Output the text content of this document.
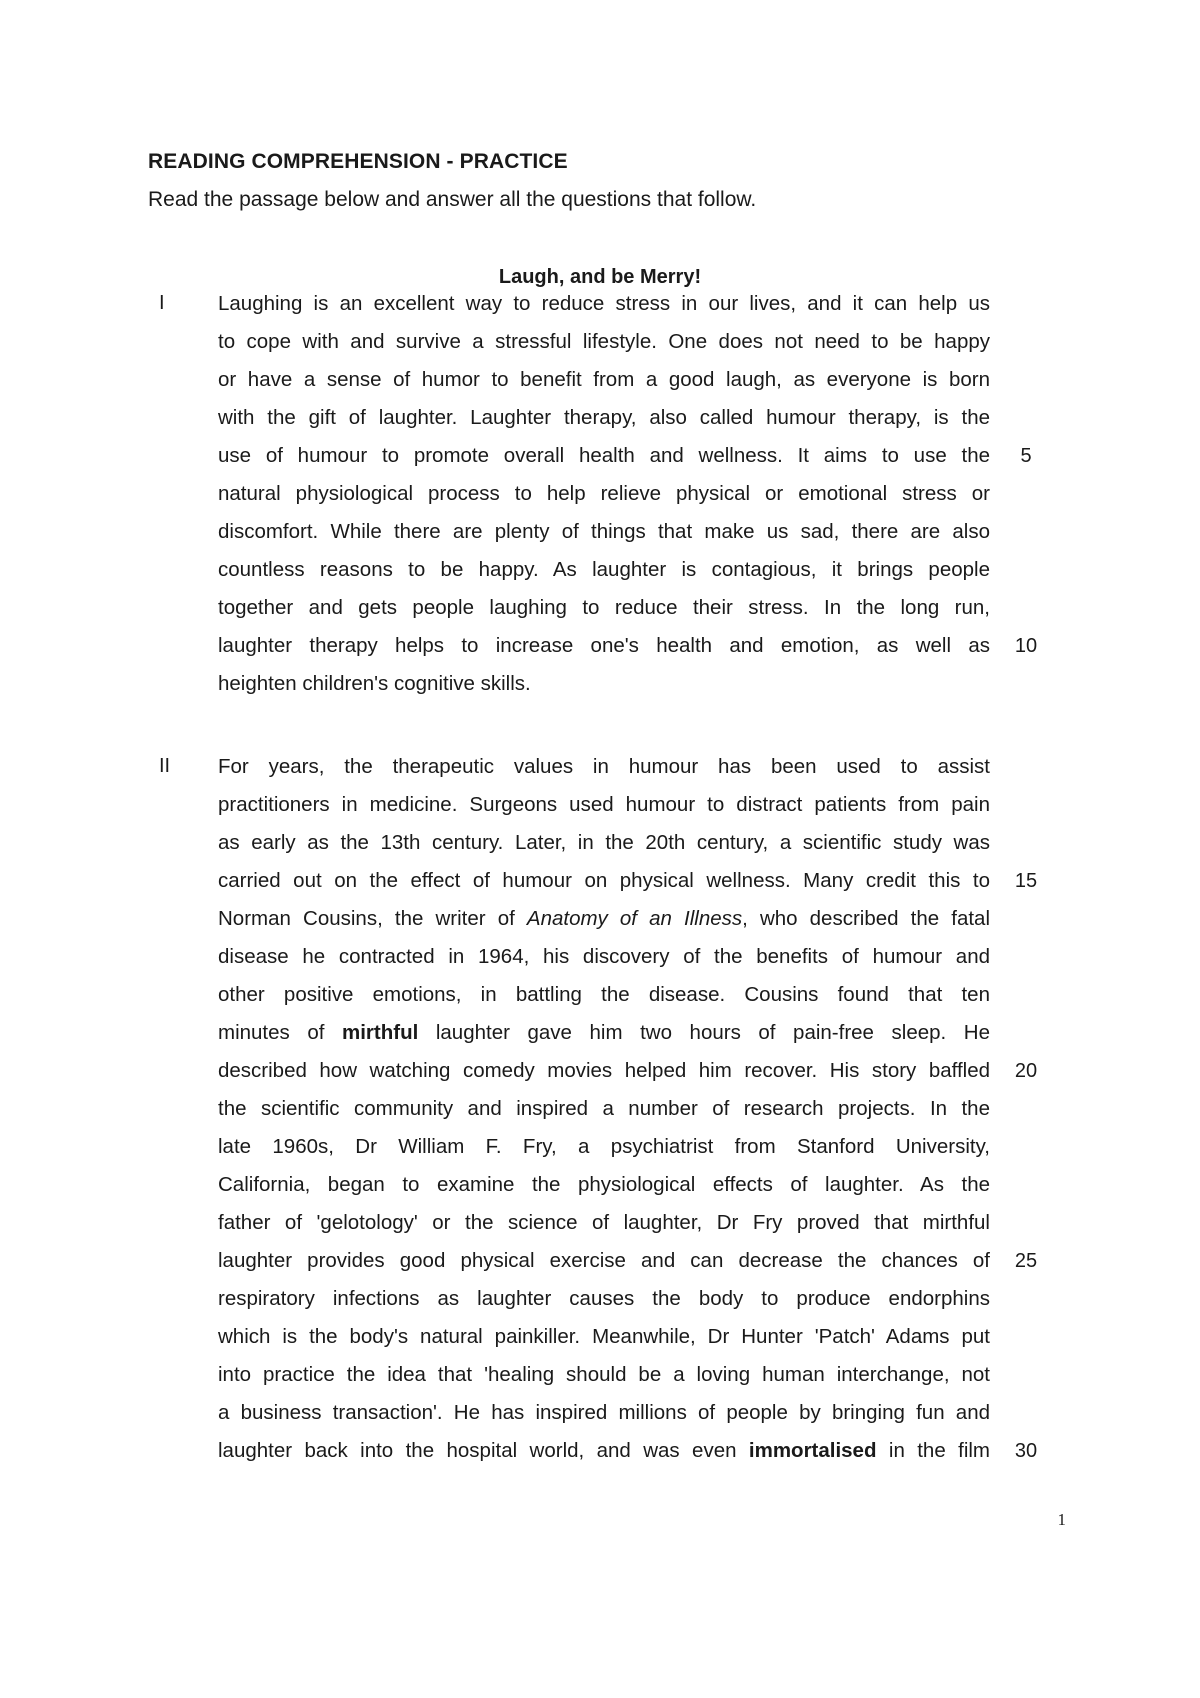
READING COMPREHENSION - PRACTICE
Read the passage below and answer all the questions that follow.
Laugh, and be Merry!
I	Laughing is an excellent way to reduce stress in our lives, and it can help us
to cope with and survive a stressful lifestyle. One does not need to be happy
or have a sense of humor to benefit from a good laugh, as everyone is born
with the gift of laughter. Laughter therapy, also called humour therapy, is the
use of humour to promote overall health and wellness. It aims to use the
natural physiological process to help relieve physical or emotional stress or
discomfort. While there are plenty of things that make us sad, there are also
countless reasons to be happy. As laughter is contagious, it brings people
together and gets people laughing to reduce their stress. In the long run,
laughter therapy helps to increase one's health and emotion, as well as
heighten children's cognitive skills.
II For years, the therapeutic values in humour has been used to assist
practitioners in medicine. Surgeons used humour to distract patients from pain
as early as the 13th century. Later, in the 20th century, a scientific study was
carried out on the effect of humour on physical wellness. Many credit this to
Norman Cousins, the writer of Anatomy of an Illness, who described the fatal
disease he contracted in 1964, his discovery of the benefits of humour and
other positive emotions, in battling the disease. Cousins found that ten
minutes of mirthful laughter gave him two hours of pain-free sleep. He
described how watching comedy movies helped him recover. His story baffled
the scientific community and inspired a number of research projects. In the
late 1960s, Dr William F. Fry, a psychiatrist from Stanford University,
California, began to examine the physiological effects of laughter. As the
father of 'gelotology' or the science of laughter, Dr Fry proved that mirthful
laughter provides good physical exercise and can decrease the chances of
respiratory infections as laughter causes the body to produce endorphins
which is the body's natural painkiller. Meanwhile, Dr Hunter 'Patch' Adams put
into practice the idea that 'healing should be a loving human interchange, not
a business transaction'. He has inspired millions of people by bringing fun and
laughter back into the hospital world, and was even immortalised in the film
5
10
15
20
25
30
1
